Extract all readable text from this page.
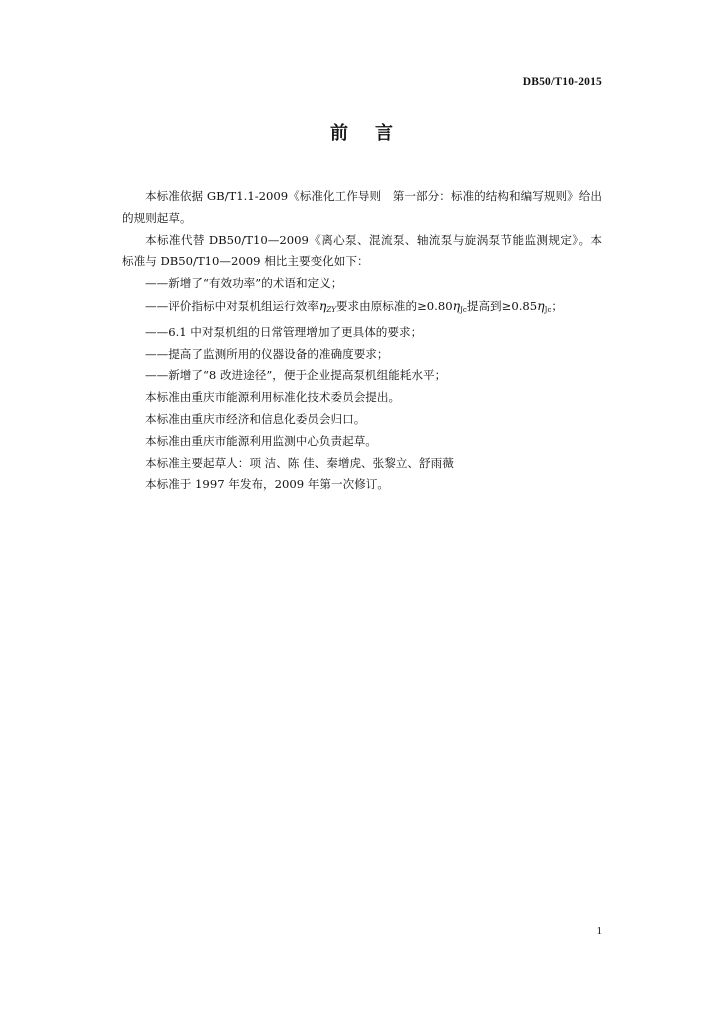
DB50/T10-2015
前 言

本标准依据 GB/T1.1-2009《标准化工作导则　第一部分：标准的结构和编写规则》给出的规则起草。

本标准代替 DB50/T10—2009《离心泵、混流泵、轴流泵与旋涡泵节能监测规定》。本标准与 DB50/T10—2009 相比主要变化如下：

——新增了“有效功率”的术语和定义；

——评价指标中对泵机组运行效率$\eta_{ZY}$要求由原标准的$\ge 0.80\eta_{Jc}$提高到$\ge 0.85\eta_{Jc}$；

——6.1 中对泵机组的日常管理增加了更具体的要求；

——提高了监测所用的仪器设备的准确度要求；

——新增了“8 改进途径”，便于企业提高泵机组能耗水平；

本标准由重庆市能源利用标准化技术委员会提出。

本标准由重庆市经济和信息化委员会归口。

本标准由重庆市能源利用监测中心负责起草。

本标准主要起草人：项 洁、陈 佳、秦增虎、张黎立、舒雨薇

本标准于 1997 年发布，2009 年第一次修订。

1
